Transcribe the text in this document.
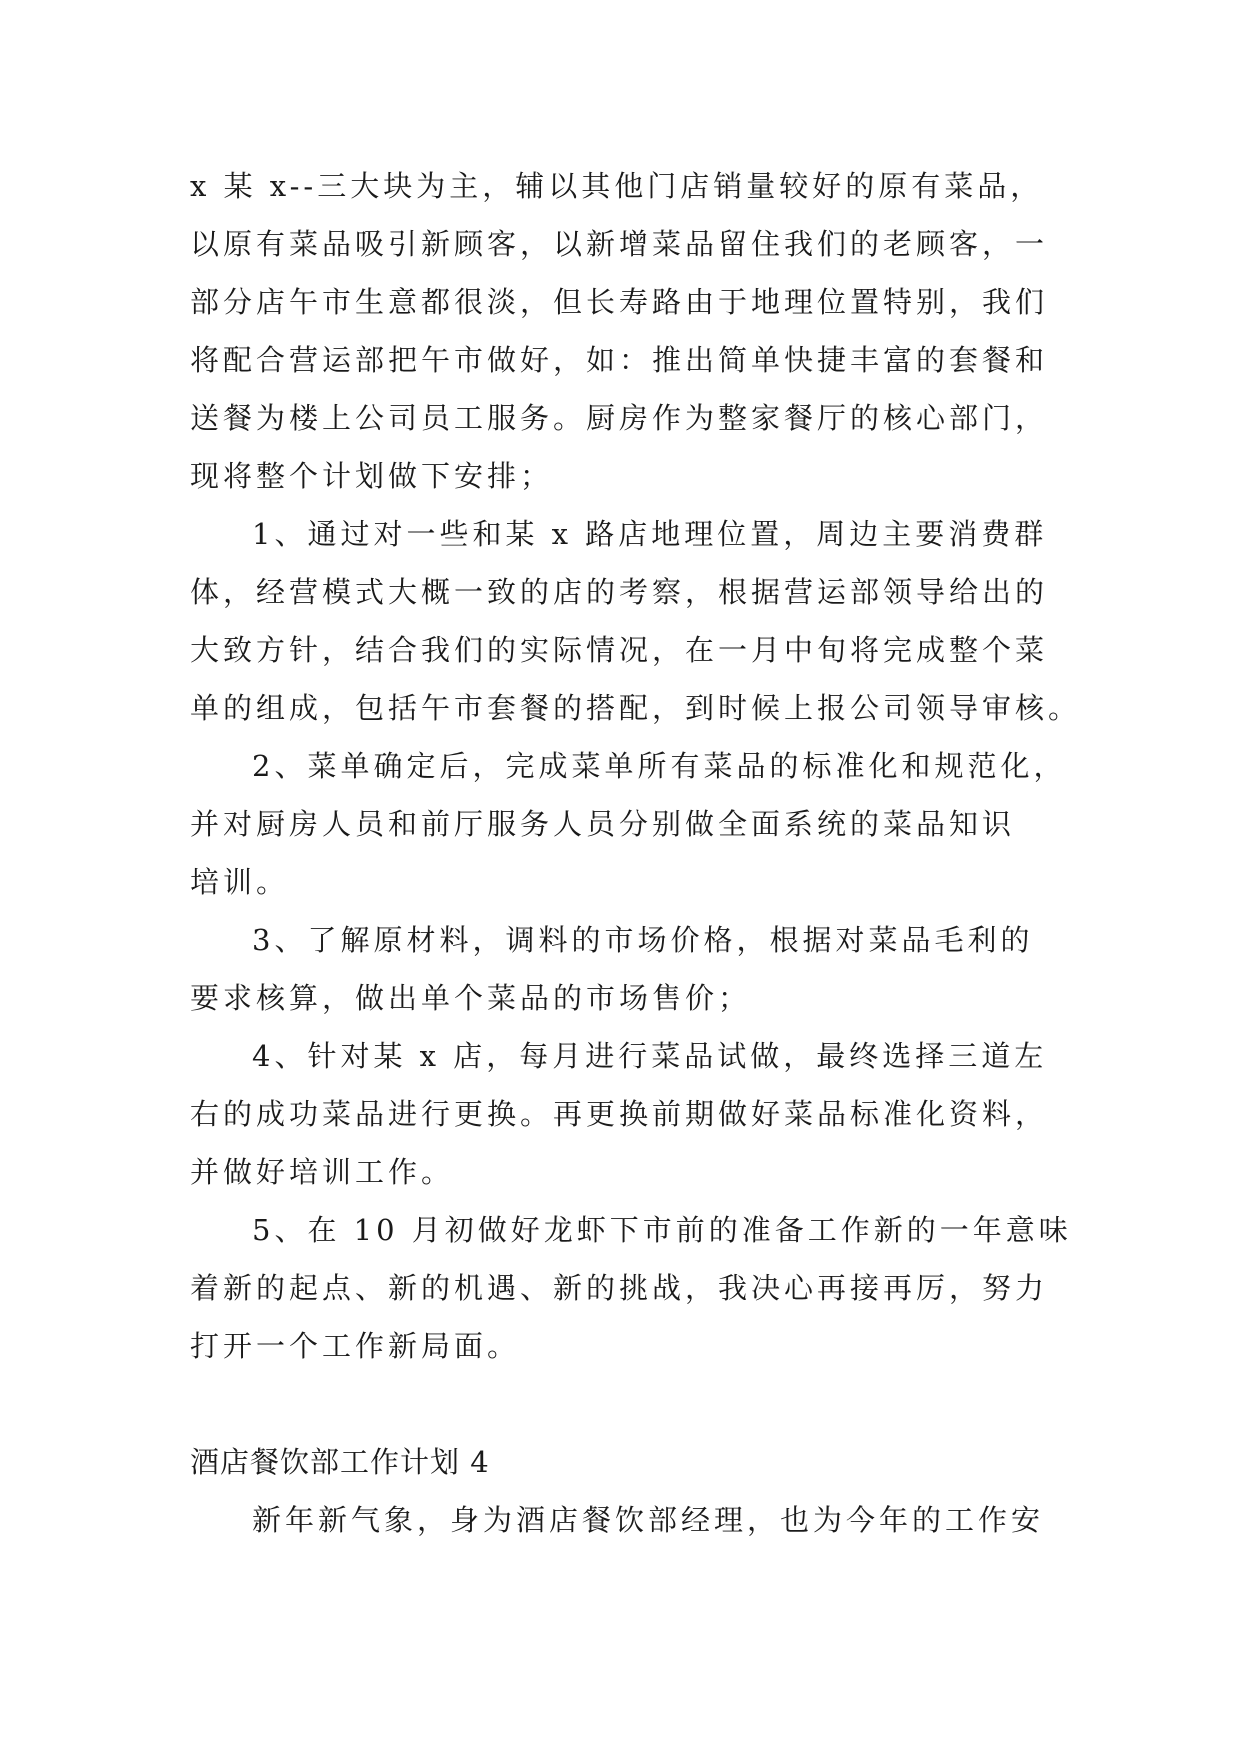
x 某 x--三大块为主，辅以其他门店销量较好的原有菜品，
以原有菜品吸引新顾客，以新增菜品留住我们的老顾客，一
部分店午市生意都很淡，但长寿路由于地理位置特别，我们
将配合营运部把午市做好，如：推出简单快捷丰富的套餐和
送餐为楼上公司员工服务。厨房作为整家餐厅的核心部门，
现将整个计划做下安排；
1、通过对一些和某 x 路店地理位置，周边主要消费群
体，经营模式大概一致的店的考察，根据营运部领导给出的
大致方针，结合我们的实际情况，在一月中旬将完成整个菜
单的组成，包括午市套餐的搭配，到时候上报公司领导审核。
2、菜单确定后，完成菜单所有菜品的标准化和规范化，
并对厨房人员和前厅服务人员分别做全面系统的菜品知识
培训。
3、了解原材料，调料的市场价格，根据对菜品毛利的
要求核算，做出单个菜品的市场售价；
4、针对某 x 店，每月进行菜品试做，最终选择三道左
右的成功菜品进行更换。再更换前期做好菜品标准化资料，
并做好培训工作。
5、在 10 月初做好龙虾下市前的准备工作新的一年意味
着新的起点、新的机遇、新的挑战，我决心再接再厉，努力
打开一个工作新局面。
酒店餐饮部工作计划 4
新年新气象，身为酒店餐饮部经理，也为今年的工作安
